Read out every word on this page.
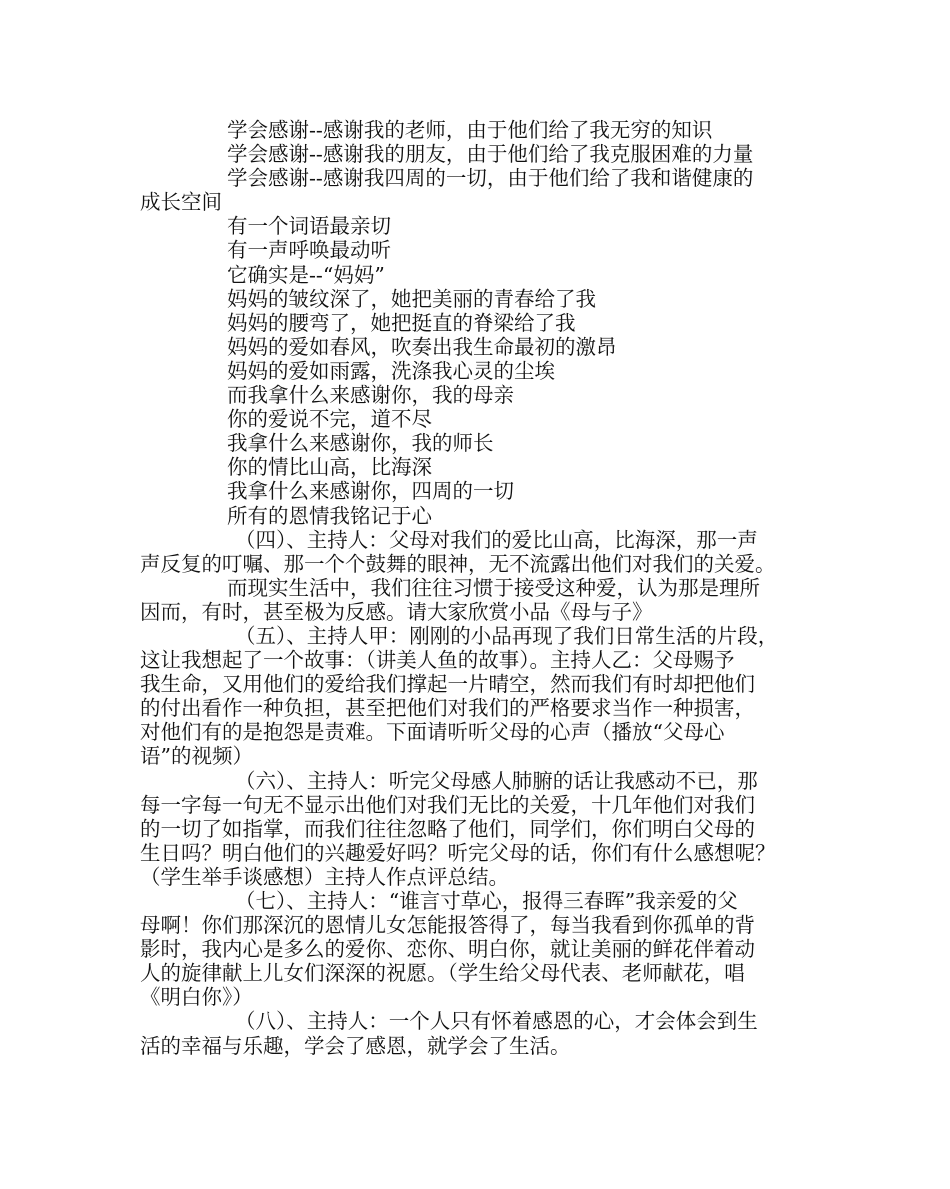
学会感谢--感谢我的老师，由于他们给了我无穷的知识

学会感谢--感谢我的朋友，由于他们给了我克服困难的力量

学会感谢--感谢我四周的一切，由于他们给了我和谐健康的

成长空间

有一个词语最亲切

有一声呼唤最动听

它确实是--“妈妈”

妈妈的皱纹深了，她把美丽的青春给了我

妈妈的腰弯了，她把挺直的脊梁给了我

妈妈的爱如春风，吹奏出我生命最初的激昂

妈妈的爱如雨露，洗涤我心灵的尘埃

而我拿什么来感谢你，我的母亲

你的爱说不完，道不尽

我拿什么来感谢你，我的师长

你的情比山高，比海深

我拿什么来感谢你，四周的一切

所有的恩情我铭记于心

（四）、主持人：父母对我们的爱比山高，比海深，那一声

声反复的叮嘱、那一个个鼓舞的眼神，无不流露出他们对我们的关爱。

而现实生活中，我们往往习惯于接受这种爱，认为那是理所

因而，有时，甚至极为反感。请大家欣赏小品《母与子》

（五）、主持人甲：刚刚的小品再现了我们日常生活的片段，

这让我想起了一个故事：（讲美人鱼的故事）。主持人乙：父母赐予

我生命，又用他们的爱给我们撑起一片晴空，然而我们有时却把他们

的付出看作一种负担，甚至把他们对我们的严格要求当作一种损害，

对他们有的是抱怨是责难。下面请听听父母的心声（播放“父母心

语”的视频）

（六）、主持人：听完父母感人肺腑的话让我感动不已，那

每一字每一句无不显示出他们对我们无比的关爱，十几年他们对我们

的一切了如指掌，而我们往往忽略了他们，同学们，你们明白父母的

生日吗？明白他们的兴趣爱好吗？听完父母的话，你们有什么感想呢？

（学生举手谈感想）主持人作点评总结。

（七）、主持人：“谁言寸草心，报得三春晖”我亲爱的父

母啊！你们那深沉的恩情儿女怎能报答得了，每当我看到你孤单的背

影时，我内心是多么的爱你、恋你、明白你，就让美丽的鲜花伴着动

人的旋律献上儿女们深深的祝愿。（学生给父母代表、老师献花，唱

《明白你》）

（八）、主持人：一个人只有怀着感恩的心，才会体会到生

活的幸福与乐趣，学会了感恩，就学会了生活。
